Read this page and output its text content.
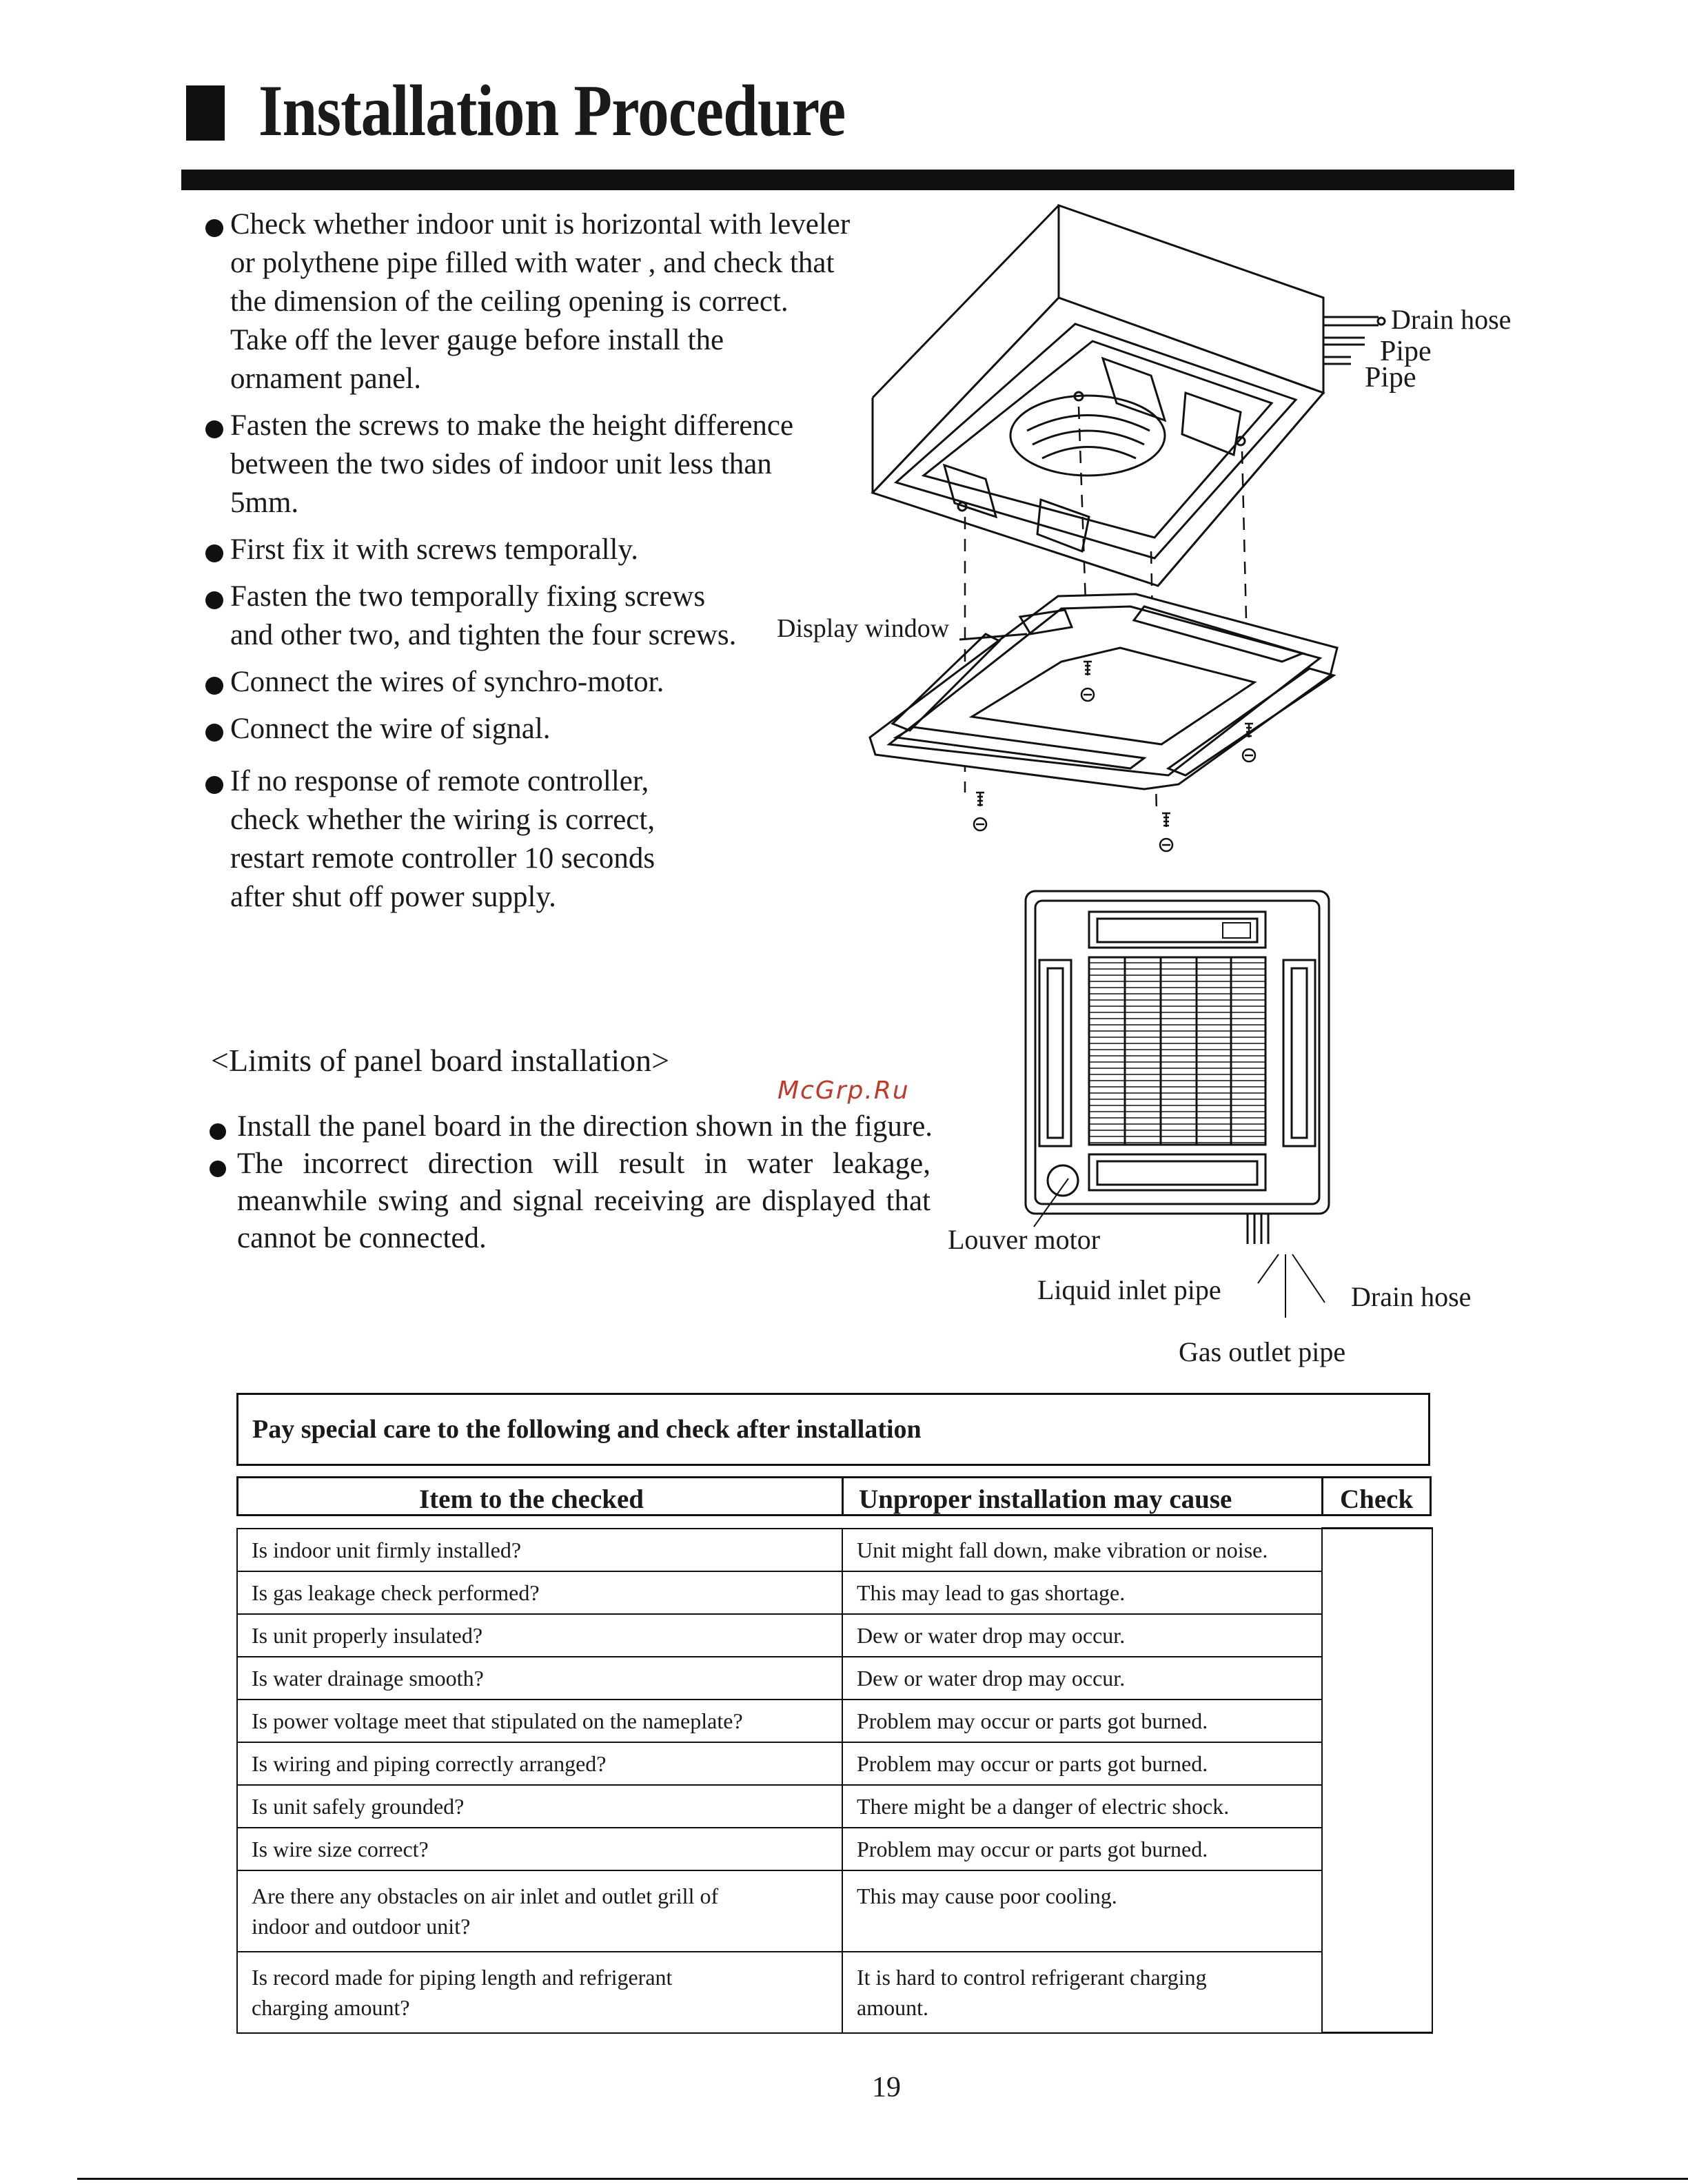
Installation Procedure

Check whether indoor unit is horizontal with leveler
or polythene pipe filled with water , and check that
the dimension of the ceiling opening is correct.
Take off the lever gauge before install the
ornament panel.

Fasten the screws to make the height difference
between the two sides of indoor unit less than
5mm.

First fix it with screws temporally.

Fasten the two temporally fixing screws
and other two, and tighten the four screws.

Connect the wires of synchro-motor.

Connect the wire of signal.

If no response of remote controller,
check whether the wiring is correct,
restart remote controller 10 seconds
after shut off power supply.

Drain hose
Pipe
Pipe
Display window
Louver motor
Liquid inlet pipe	Drain hose
Gas outlet pipe
<Limits of panel board installation>
McGrp.Ru

Install the panel board in the direction shown in the figure.

The incorrect direction will result in water leakage,
meanwhile swing and signal receiving are displayed that
cannot be connected.

Pay special care to the following and check after installation
Item to the checked	Unproper installation may cause	Check
Is indoor unit firmly installed?	Unit might fall down, make vibration or noise.	

Is gas leakage check performed?	This may lead to gas shortage.	

Is unit properly insulated?	Dew or water drop may occur.	

Is water drainage smooth?	Dew or water drop may occur.	

Is power voltage meet that stipulated on the nameplate?	Problem may occur or parts got burned.	

Is wiring and piping correctly arranged?	Problem may occur or parts got burned.	

Is unit safely grounded?	There might be a danger of electric shock.	

Is wire size correct?	Problem may occur or parts got burned.	

Are there any obstacles on air inlet and outlet grill of
indoor and outdoor unit?	This may cause poor cooling.	

Is record made for piping length and refrigerant
charging amount?	It is hard to control refrigerant charging
amount.	
19
